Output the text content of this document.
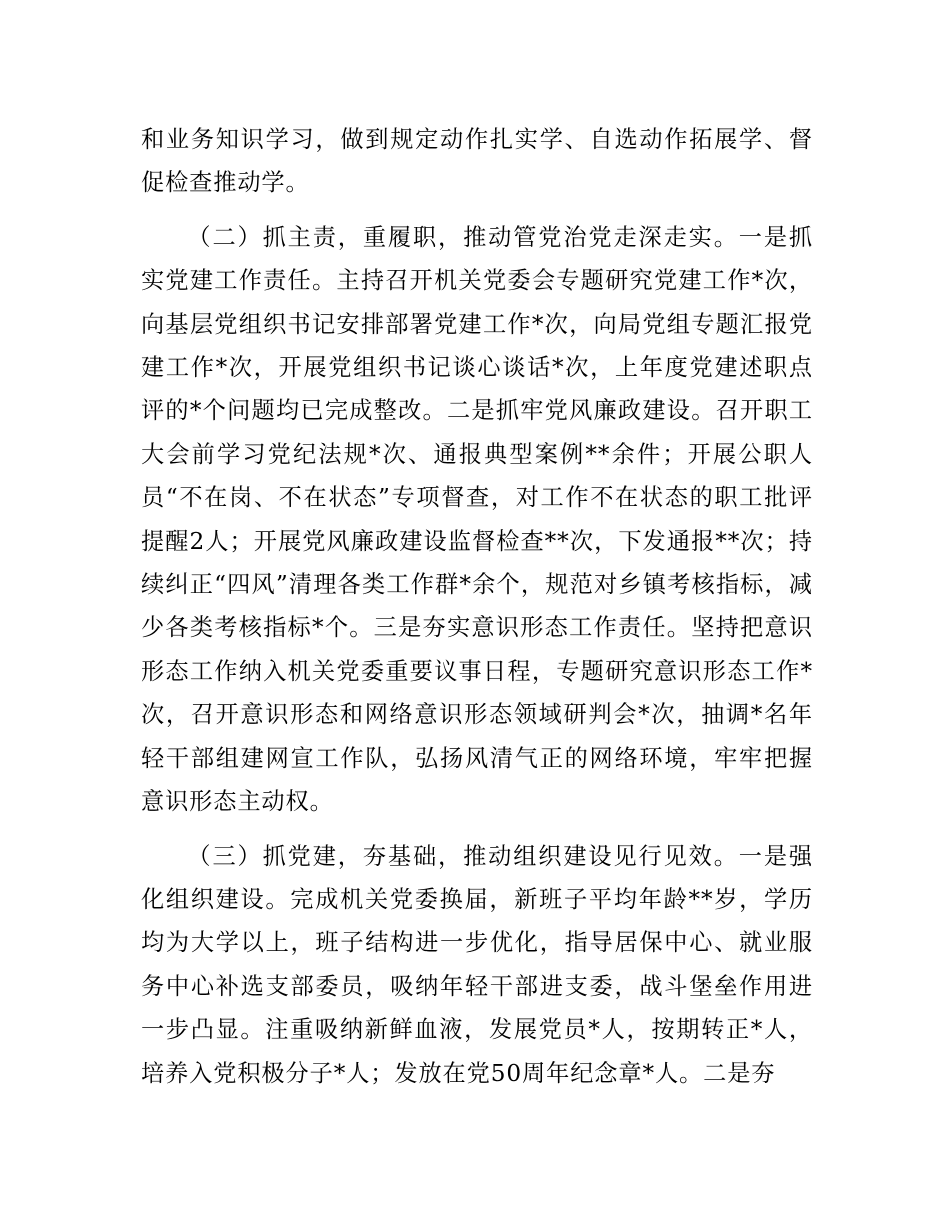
和业务知识学习，做到规定动作扎实学、自选动作拓展学、督促检查推动学。

（二）抓主责，重履职，推动管党治党走深走实。一是抓实党建工作责任。主持召开机关党委会专题研究党建工作*次，向基层党组织书记安排部署党建工作*次，向局党组专题汇报党建工作*次，开展党组织书记谈心谈话*次，上年度党建述职点评的*个问题均已完成整改。二是抓牢党风廉政建设。召开职工大会前学习党纪法规*次、通报典型案例**余件；开展公职人员“不在岗、不在状态”专项督查，对工作不在状态的职工批评提醒2人；开展党风廉政建设监督检查**次，下发通报**次；持续纠正“四风”清理各类工作群*余个，规范对乡镇考核指标，减少各类考核指标*个。三是夯实意识形态工作责任。坚持把意识形态工作纳入机关党委重要议事日程，专题研究意识形态工作*次，召开意识形态和网络意识形态领域研判会*次，抽调*名年轻干部组建网宣工作队，弘扬风清气正的网络环境，牢牢把握意识形态主动权。

（三）抓党建，夯基础，推动组织建设见行见效。一是强化组织建设。完成机关党委换届，新班子平均年龄**岁，学历均为大学以上，班子结构进一步优化，指导居保中心、就业服务中心补选支部委员，吸纳年轻干部进支委，战斗堡垒作用进一步凸显。注重吸纳新鲜血液，发展党员*人，按期转正*人，培养入党积极分子*人；发放在党50周年纪念章*人。二是夯
